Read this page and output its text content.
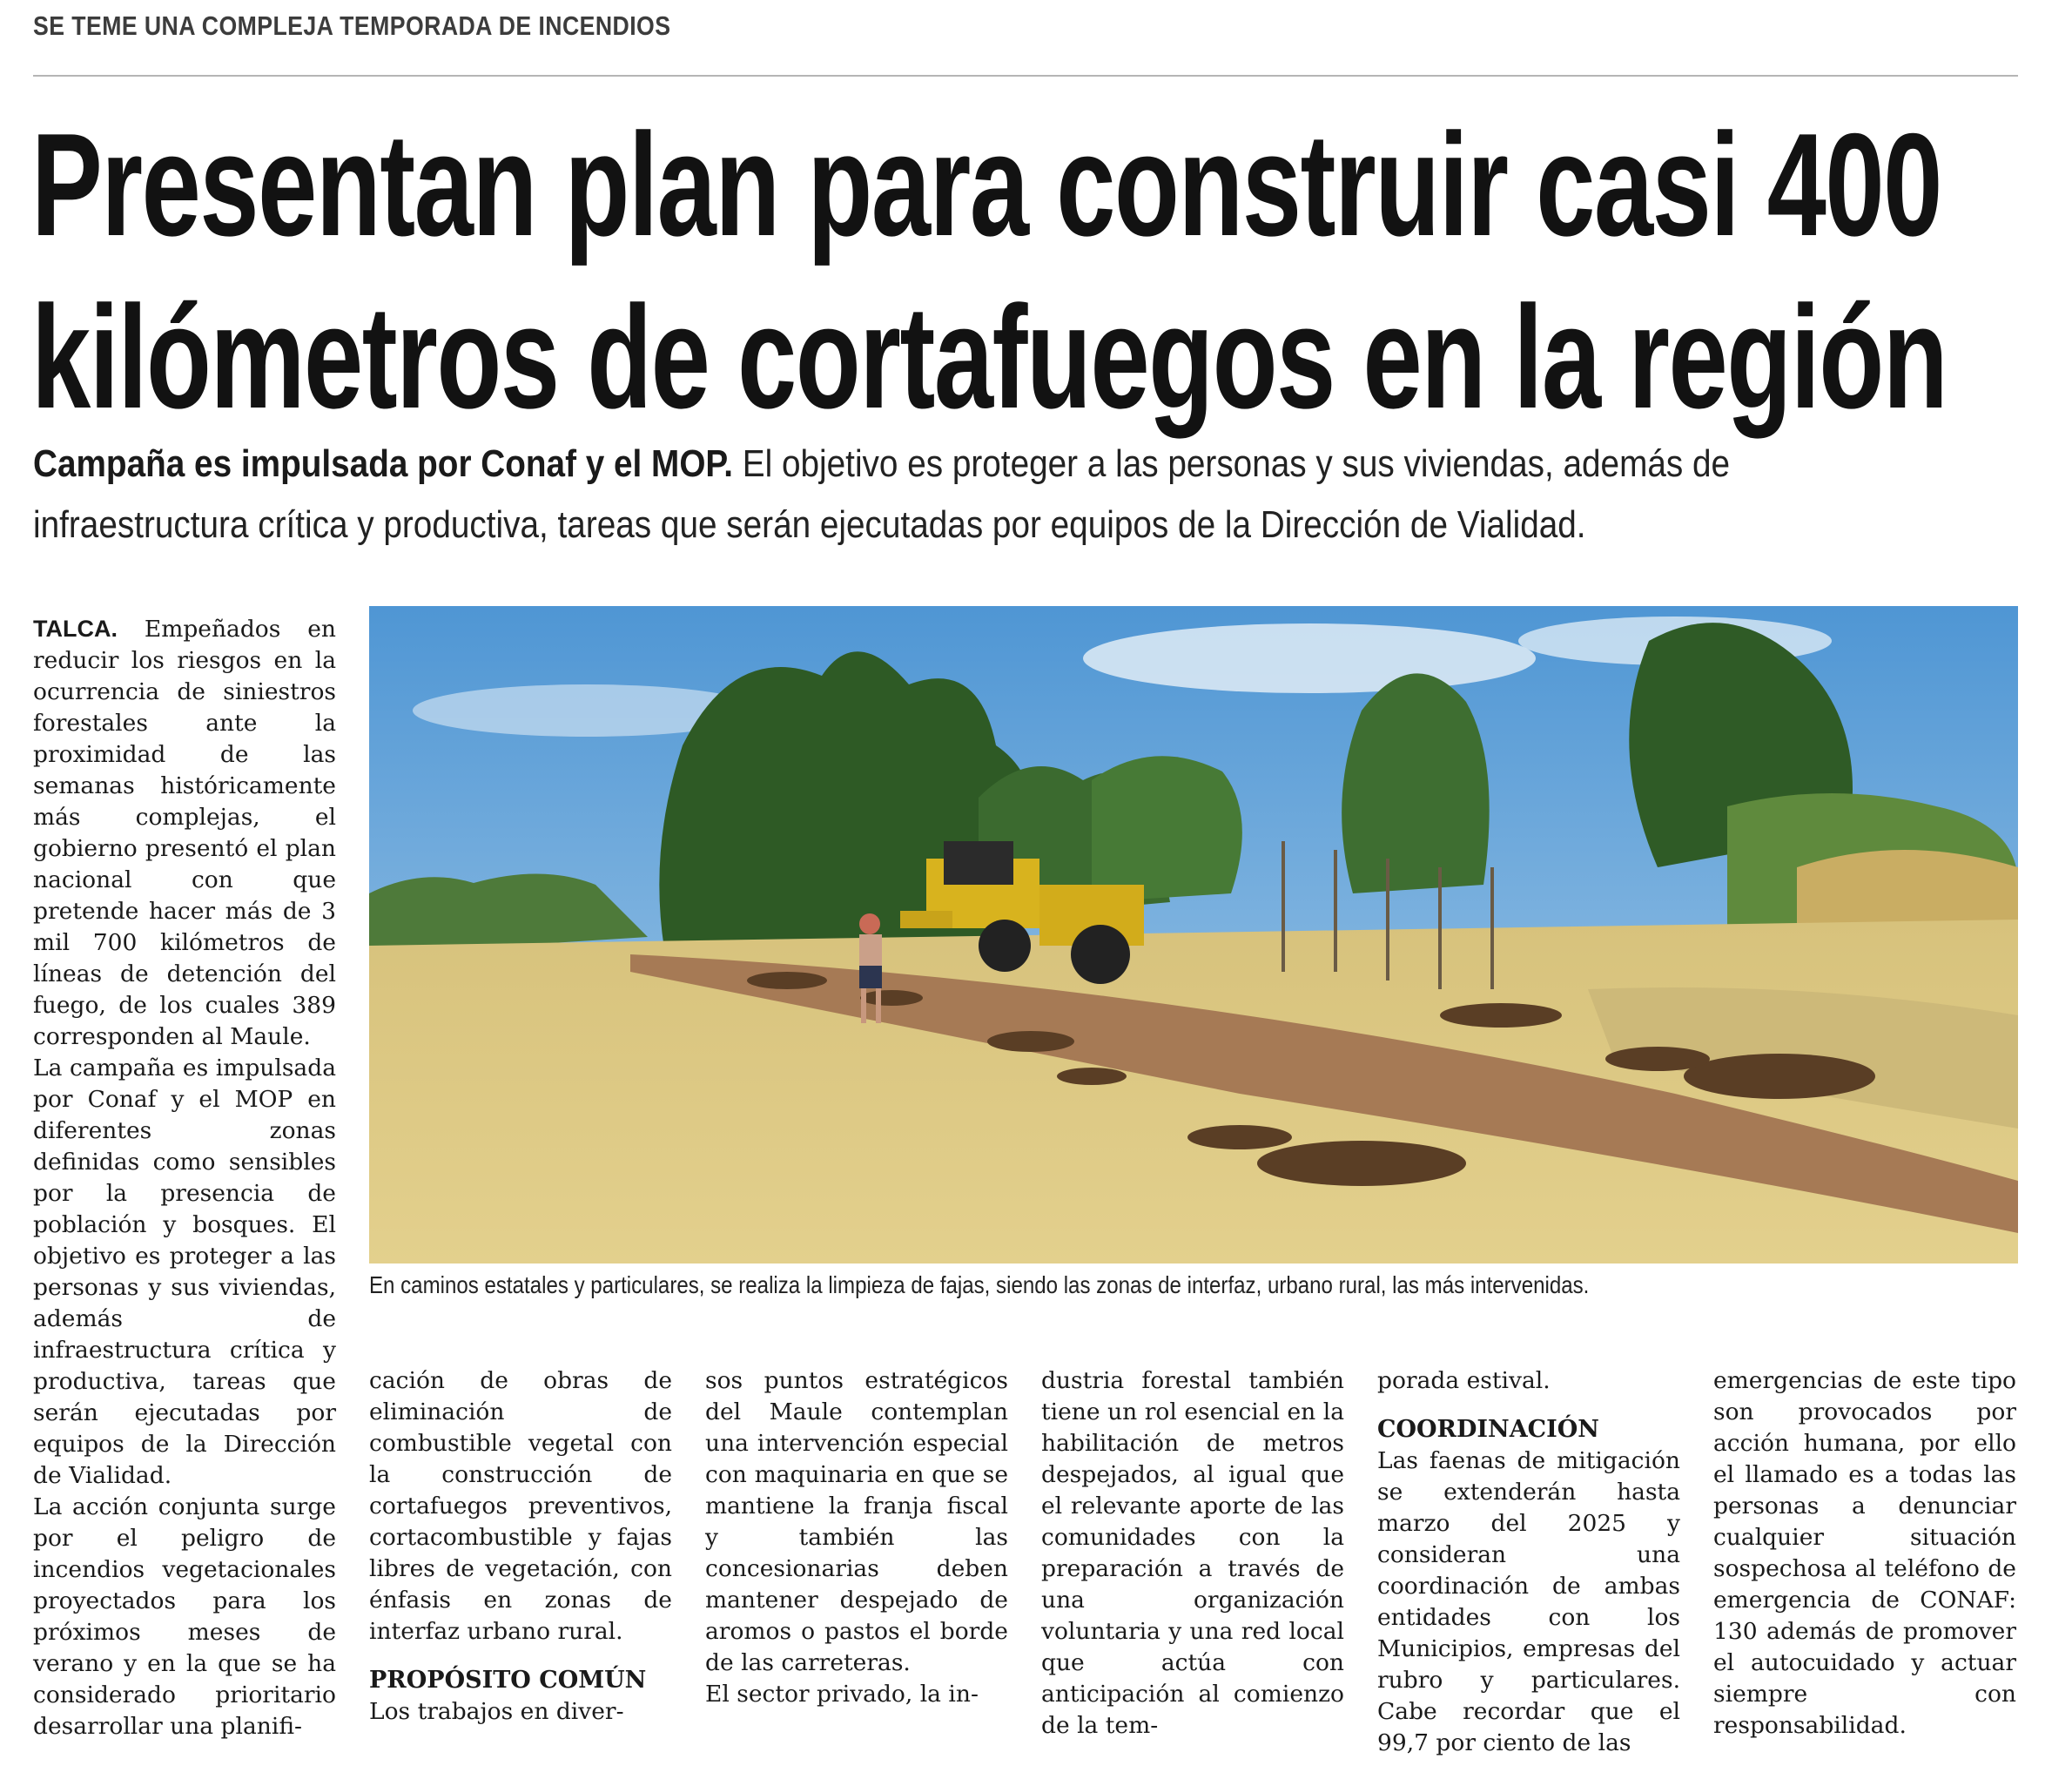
SE TEME UNA COMPLEJA TEMPORADA DE INCENDIOS
Presentan plan para construir casi 400
kilómetros de cortafuegos en la región
Campaña es impulsada por Conaf y el MOP. El objetivo es proteger a las personas y sus viviendas, además de
infraestructura crítica y productiva, tareas que serán ejecutadas por equipos de la Dirección de Vialidad.
En caminos estatales y particulares, se realiza la limpieza de fajas, siendo las zonas de interfaz, urbano rural, las más intervenidas.

TALCA. Empeñados en reducir los riesgos en la ocurrencia de siniestros forestales ante la proximidad de las semanas históricamente más complejas, el gobierno presentó el plan nacional con que pretende hacer más de 3 mil 700 kilómetros de líneas de detención del fuego, de los cuales 389 corresponden al Maule.

La campaña es impulsada por Conaf y el MOP en diferentes zonas definidas como sensibles por la presencia de población y bosques. El objetivo es proteger a las personas y sus viviendas, además de infraestructura crítica y productiva, tareas que serán ejecutadas por equipos de la Dirección de Vialidad.

La acción conjunta surge por el peligro de incendios vegetacionales proyectados para los próximos meses de verano y en la que se ha considerado prioritario desarrollar una planifi-

cación de obras de eliminación de combustible vegetal con la construcción de cortafuegos preventivos, cortacombustible y fajas libres de vegetación, con énfasis en zonas de interfaz urbano rural.

PROPÓSITO COMÚN

Los trabajos en diver-

sos puntos estratégicos del Maule contemplan una intervención especial con maquinaria en que se mantiene la franja fiscal y también las concesionarias deben mantener despejado de aromos o pastos el borde de las carreteras.

El sector privado, la in-

dustria forestal también tiene un rol esencial en la habilitación de metros despejados, al igual que el relevante aporte de las comunidades con la preparación a través de una organización voluntaria y una red local que actúa con anticipación al comienzo de la tem-

porada estival.

COORDINACIÓN

Las faenas de mitigación se extenderán hasta marzo del 2025 y consideran una coordinación de ambas entidades con los Municipios, empresas del rubro y particulares. Cabe recordar que el 99,7 por ciento de las

emergencias de este tipo son provocados por acción humana, por ello el llamado es a todas las personas a denunciar cualquier situación sospechosa al teléfono de emergencia de CONAF: 130 además de promover el autocuidado y actuar siempre con responsabilidad.
